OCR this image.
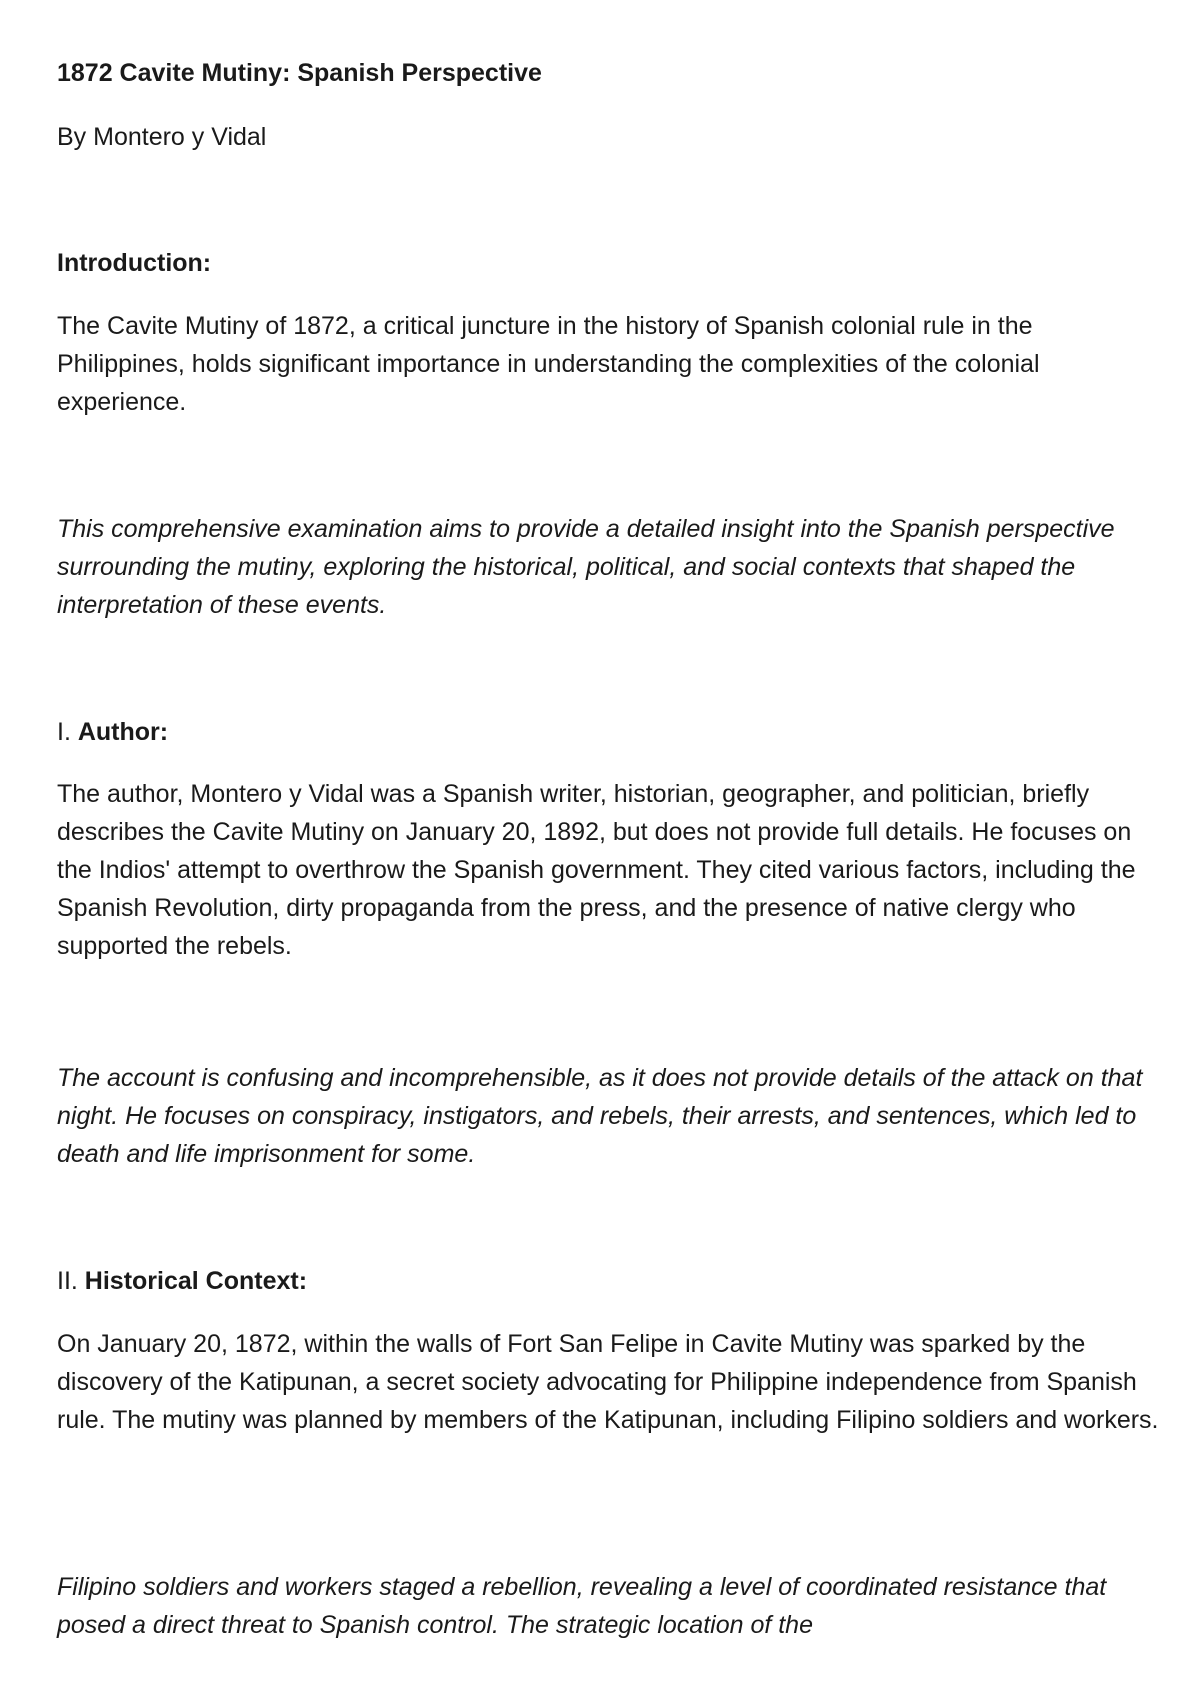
1872 Cavite Mutiny: Spanish Perspective

By Montero y Vidal

Introduction:

The Cavite Mutiny of 1872, a critical juncture in the history of Spanish colonial rule in the Philippines, holds significant importance in understanding the complexities of the colonial experience.

This comprehensive examination aims to provide a detailed insight into the Spanish perspective surrounding the mutiny, exploring the historical, political, and social contexts that shaped the interpretation of these events.

I. Author:

The author, Montero y Vidal was a Spanish writer, historian, geographer, and politician, briefly describes the Cavite Mutiny on January 20, 1892, but does not provide full details. He focuses on the Indios' attempt to overthrow the Spanish government. They cited various factors, including the Spanish Revolution, dirty propaganda from the press, and the presence of native clergy who supported the rebels.

The account is confusing and incomprehensible, as it does not provide details of the attack on that night. He focuses on conspiracy, instigators, and rebels, their arrests, and sentences, which led to death and life imprisonment for some.

II. Historical Context:

On January 20, 1872, within the walls of Fort San Felipe in Cavite Mutiny was sparked by the discovery of the Katipunan, a secret society advocating for Philippine independence from Spanish rule. The mutiny was planned by members of the Katipunan, including Filipino soldiers and workers.

Filipino soldiers and workers staged a rebellion, revealing a level of coordinated resistance that posed a direct threat to Spanish control. The strategic location of the
